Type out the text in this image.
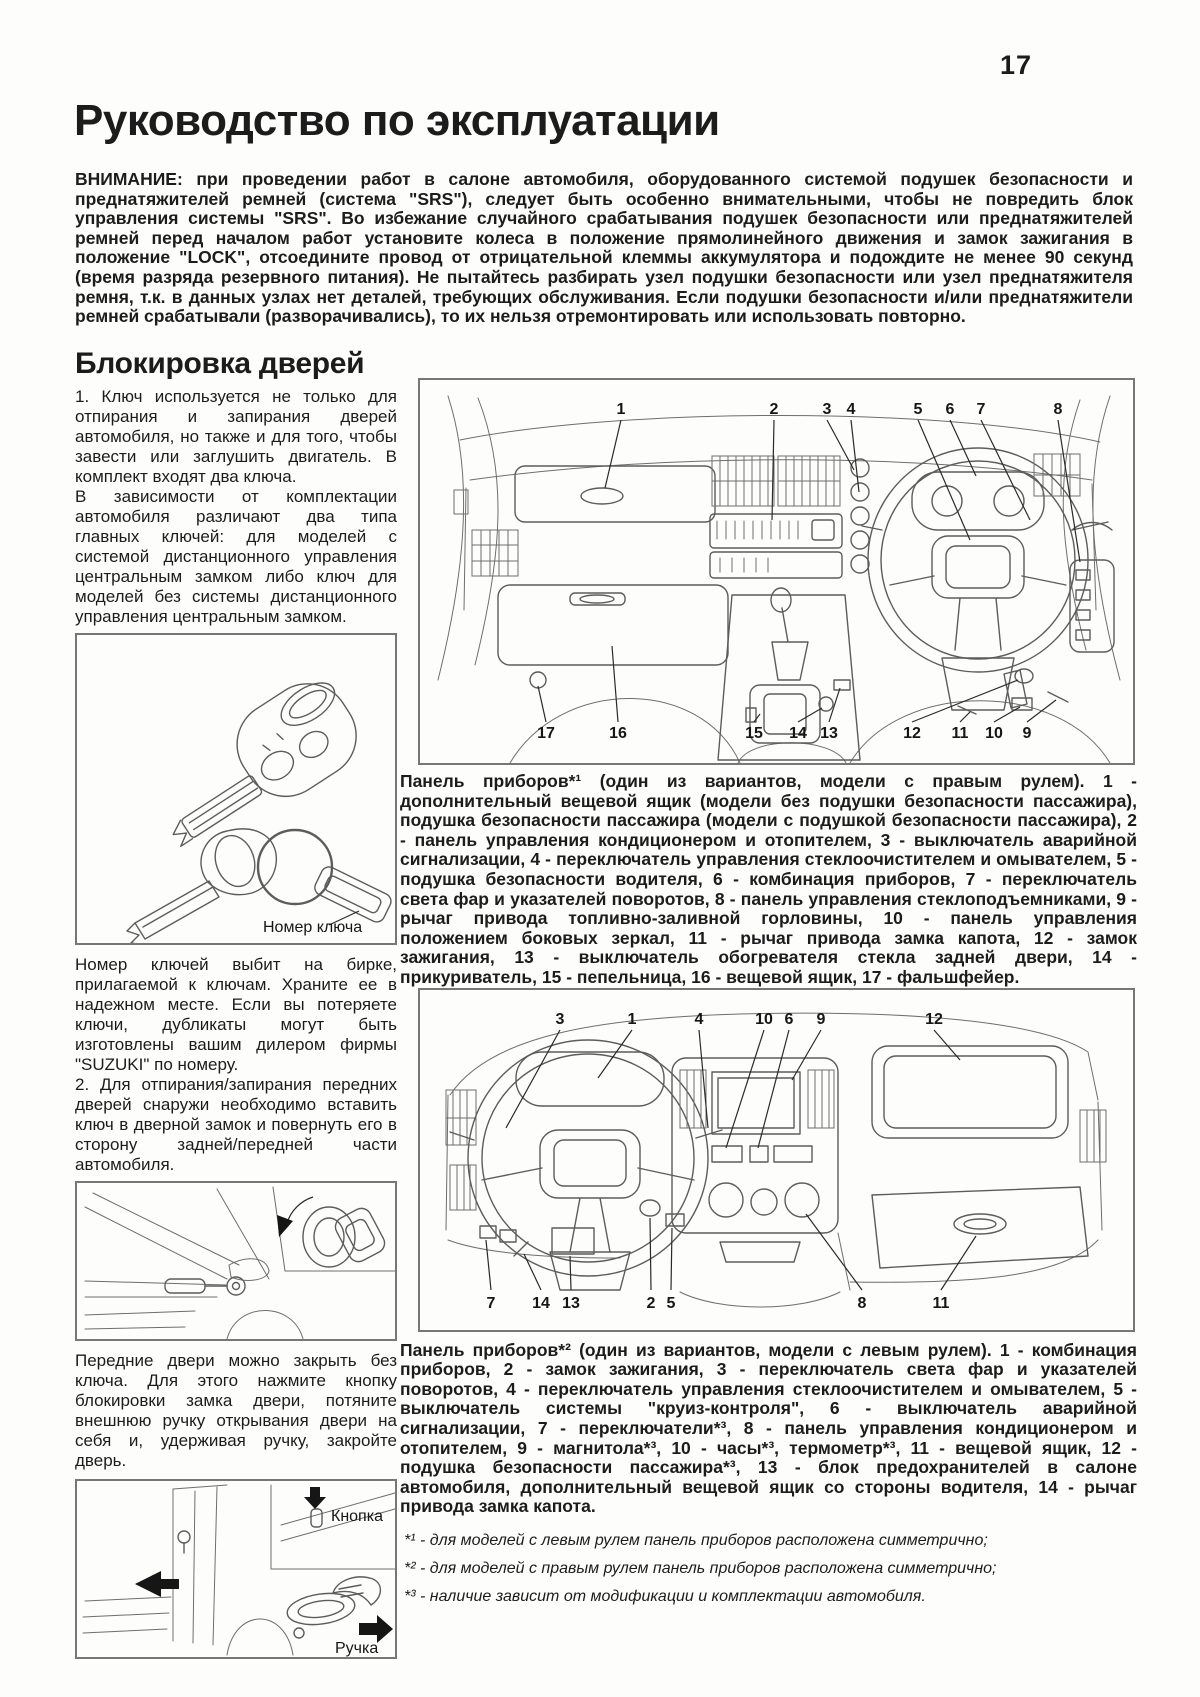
17
Руководство по эксплуатации
ВНИМАНИЕ: при проведении работ в салоне автомобиля, оборудованного системой подушек безопасности и преднатяжителей ремней (система "SRS"), следует быть особенно внимательными, чтобы не повредить блок управления системы "SRS". Во избежание случайного срабатывания подушек безопасности или преднатяжителей ремней перед началом работ установите колеса в положение прямолинейного движения и замок зажигания в положение "LOCK", отсоедините провод от отрицательной клеммы аккумулятора и подождите не менее 90 секунд (время разряда резервного питания). Не пытайтесь разбирать узел подушки безопасности или узел преднатяжителя ремня, т.к. в данных узлах нет деталей, требующих обслуживания. Если подушки безопасности и/или преднатяжители ремней срабатывали (разворачивались), то их нельзя отремонтировать или использовать повторно.
Блокировка дверей

1. Ключ используется не только для отпирания и запирания дверей автомобиля, но также и для того, чтобы завести или заглушить двигатель. В комплект входят два ключа.

В зависимости от комплектации автомобиля различают два типа главных ключей: для моделей с системой дистанционного управления центральным замком либо ключ для моделей без системы дистанционного управления центральным замком.

Номер ключа

Номер ключей выбит на бирке, прилагаемой к ключам. Храните ее в надежном месте. Если вы потеряете ключи, дубликаты могут быть изготовлены вашим дилером фирмы "SUZUKI" по номеру.

2. Для отпирания/запирания передних дверей снаружи необходимо вставить ключ в дверной замок и повернуть его в сторону задней/передней части автомобиля.

Передние двери можно закрыть без ключа. Для этого нажмите кнопку блокировки замка двери, потяните внешнюю ручку открывания двери на себя и, удерживая ручку, закройте дверь.

Кнопка
Ручка
1	2	3 4	5 6 7	8
17	16	15 14 13	12 11 10 9

Панель приборов*¹ (один из вариантов, модели с правым рулем). 1 - дополнительный вещевой ящик (модели без подушки безопасности пассажира), подушка безопасности пассажира (модели с подушкой безопасности пассажира), 2 - панель управления кондиционером и отопителем, 3 - выключатель аварийной сигнализации, 4 - переключатель управления стеклоочистителем и омывателем, 5 - подушка безопасности водителя, 6 - комбинация приборов, 7 - переключатель света фар и указателей поворотов, 8 - панель управления стеклоподъемниками, 9 - рычаг привода топливно-заливной горловины, 10 - панель управления положением боковых зеркал, 11 - рычаг привода замка капота, 12 - замок зажигания, 13 - выключатель обогревателя стекла задней двери, 14 - прикуриватель, 15 - пепельница, 16 - вещевой ящик, 17 - фальшфейер.

3	1	4	10 6 9	12
7 14 13	2 5	8	11

Панель приборов*² (один из вариантов, модели с левым рулем). 1 - комбинация приборов, 2 - замок зажигания, 3 - переключатель света фар и указателей поворотов, 4 - переключатель управления стеклоочистителем и омывателем, 5 - выключатель системы "круиз-контроля", 6 - выключатель аварийной сигнализации, 7 - переключатели*³, 8 - панель управления кондиционером и отопителем, 9 - магнитола*³, 10 - часы*³, термометр*³, 11 - вещевой ящик, 12 - подушка безопасности пассажира*³, 13 - блок предохранителей в салоне автомобиля, дополнительный вещевой ящик со стороны водителя, 14 - рычаг привода замка капота.

*¹ - для моделей с левым рулем панель приборов расположена симметрично;
*² - для моделей с правым рулем панель приборов расположена симметрично;
*³ - наличие зависит от модификации и комплектации автомобиля.
